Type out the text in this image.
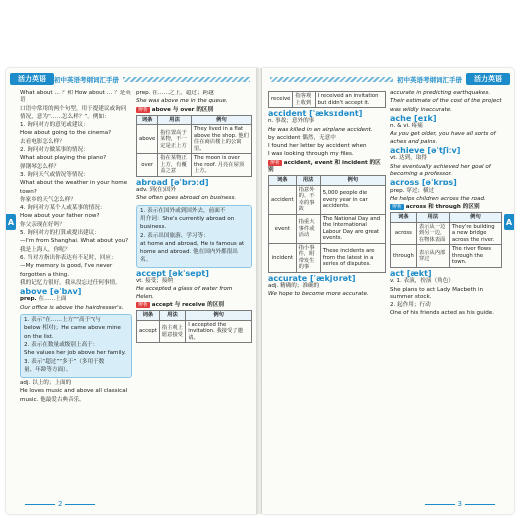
活力英语	初中英语考纲词汇手册
A

What about … ？和 How about … ？是英语

口语中常用的两个句型，用于提建议或询问

情况，意为“……怎么样？”。例如：

1. 询问对方的意见或建议：

How about going to the cinema?

去看电影怎么样？

2. 询问对方做某事的情况：

What about playing the piano?

弹钢琴怎么样？

3. 询问天气或情况等情况：

What about the weather in your home

town?

你家乡的天气怎么样？

4. 询问对方某个人或某事的情况：

How about your father now?

你父亲现在好吗？

5. 询问对方的打算或提出建议：

—I'm from Shanghai. What about you?

我是上海人，你呢？

6. 当对方指出你表达有不足时，回应：

—My memory is good, I've never

forgotten a thing.

我的记忆力很好，我从没忘过任何事情。

above [əˈbʌv]

prep. 在……上面

Our office is above the hairdresser's.

1. 表示“在……上方”“高于”(与

below 相对)；He came above mine

on the list.

2. 表示在数量或级别上高于：

She values her job above her family.

3. 表示“超过”“多于”（多用于数

量、年龄等方面）。

adj. 以上的；上面的

He loves music and above all classical

music. 他最爱古典音乐。

prep. 在……之上，超过；跨越

She was above me in the queue.

辨析 above 与 over 的区别

词条	用法	例句
above	指位置高于某物，不一定是正上方	They lived in a flat above the shop. 他们住在商店楼上的公寓里。
over	指在某物正上方，有覆盖之意	The moon is over the roof. 月亮在屋顶上方。

abroad [əˈbrɔːd]

adv. 到(在)国外

She often goes abroad on business.

1. 表示在国外或到国外去，前面不

用介词：She's currently abroad on

business.

2. 表示出国旅游、学习等：

at home and abroad, He is famous at

home and abroad. 他在国内外都很出名。

accept [əkˈsept]

vt. 接受；接纳

He accepted a glass of water from Helen.

辨析 accept 与 receive 的区别

词条	用法	例句
accept	指主观上愿意接受	I accepted the invitation. 我接受了邀请。
2
初中英语考纲词汇手册	活力英语
A
receive	指客观上收到	I received an invitation but didn't accept it.

accident [ˈæksɪdənt]

n. 事故；意外的事

He was killed in an airplane accident.

by accident 偶然，无意中

I found her letter by accident when

I was looking through my files.

辨析 accident, event 和 incident 的区别

词条	用法	例句
accident	指意外的、不幸的事故	5,000 people die every year in car accidents.
event	指重大事件或活动	The National Day and the International Labour Day are great events.
incident	指小事件，附带发生的事	These incidents are from the latest in a series of disputes.

accurate [ˈækjʊrət]

adj. 精确的；准确的

We hope to become more accurate.

accurate in predicting earthquakes.

Their estimate of the cost of the project

was wildly inaccurate.

ache [eɪk]

n. & vi. 疼痛

As you get older, you have all sorts of aches and pains.

achieve [əˈtʃiːv]

vt. 达到，取得

She eventually achieved her goal of becoming a professor.

across [əˈkrɒs]

prep. 穿过；横过

He helps children across the road.

辨析 across 和 through 的区别

词条	用法	例句
across	表示从一边到另一边，在物体表面	They're building a new bridge across the river.
through	表示从内部穿过	The river flows through the town.

act [ækt]

v. 1. 表演，扮演（角色）

She plans to act Lady Macbeth in summer stock.

2. 起作用；行动

One of his friends acted as his guide.

3
